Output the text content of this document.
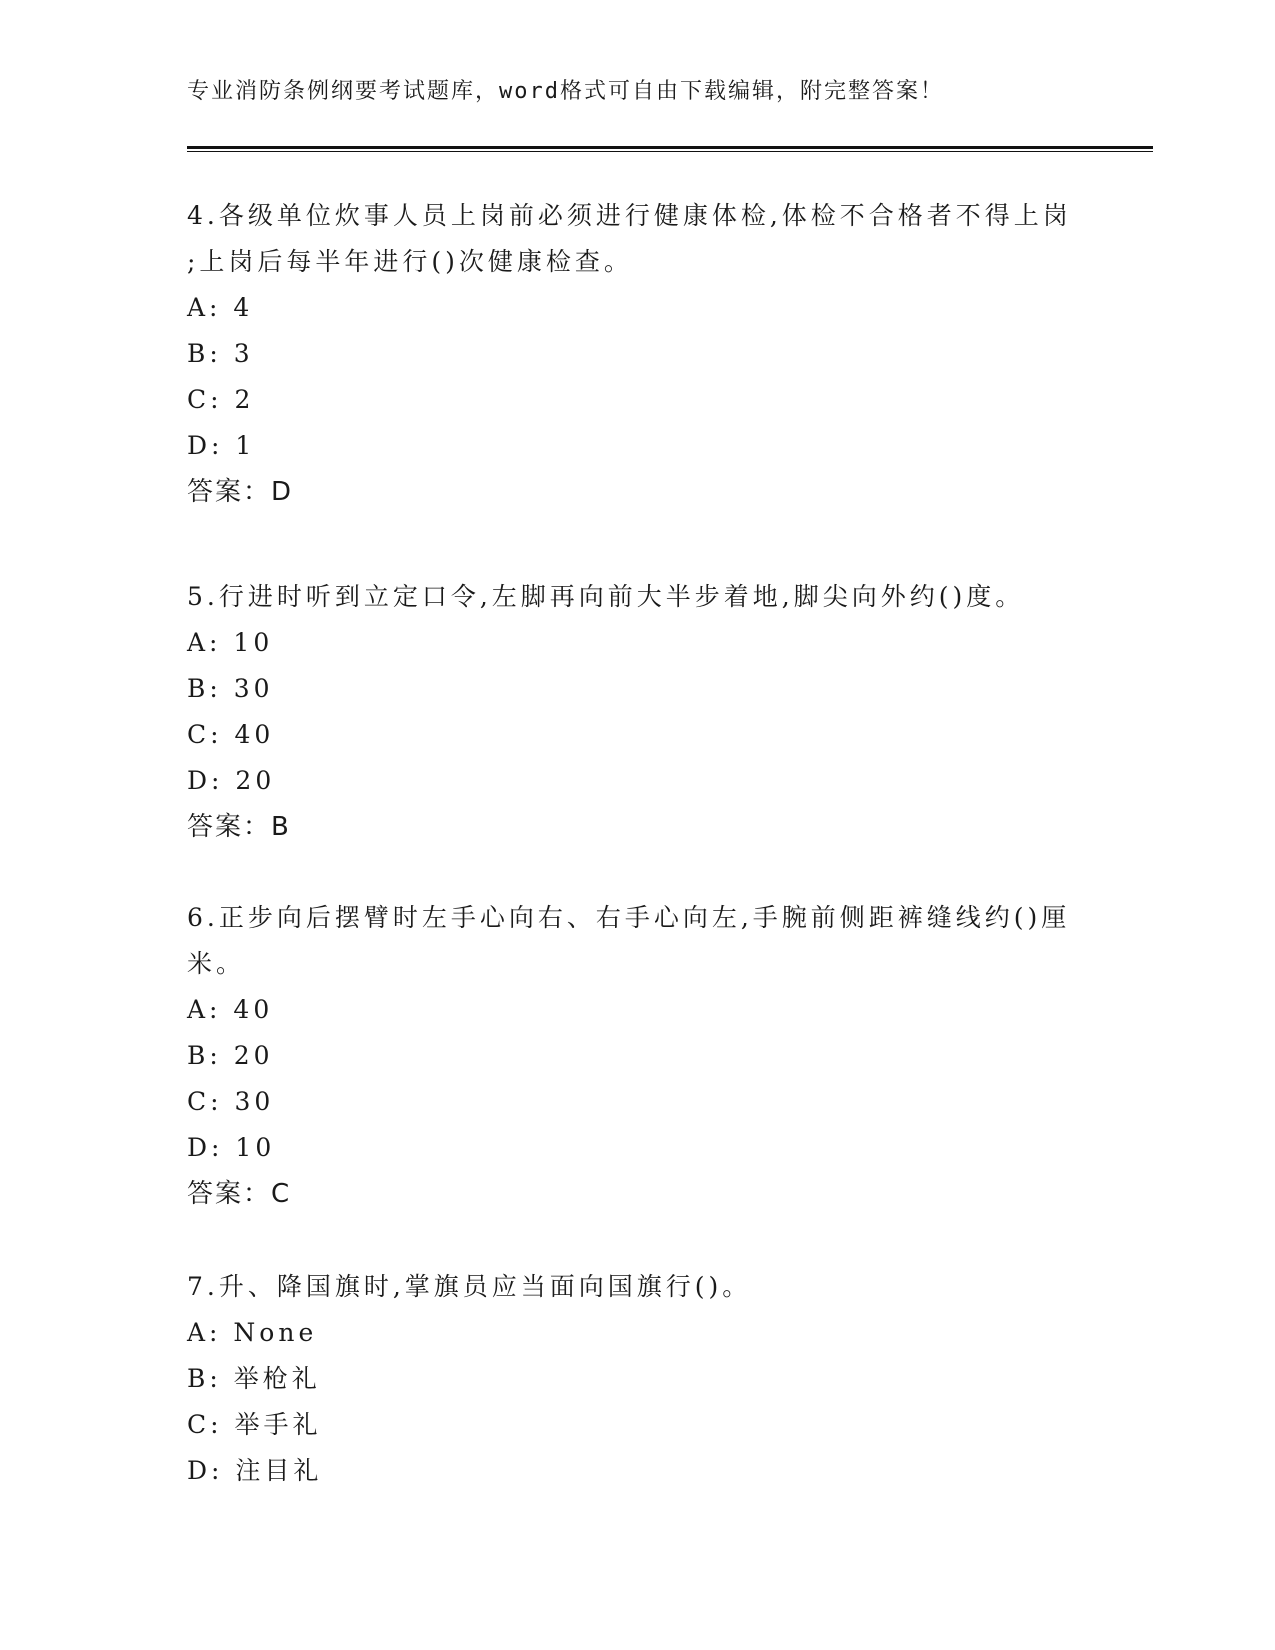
专业消防条例纲要考试题库，word格式可自由下载编辑，附完整答案！
4.各级单位炊事人员上岗前必须进行健康体检,体检不合格者不得上岗
;上岗后每半年进行()次健康检查。
A: 4
B: 3
C: 2
D: 1
答案：D
5.行进时听到立定口令,左脚再向前大半步着地,脚尖向外约()度。
A: 10
B: 30
C: 40
D: 20
答案：B
6.正步向后摆臂时左手心向右、右手心向左,手腕前侧距裤缝线约()厘
米。
A: 40
B: 20
C: 30
D: 10
答案：C
7.升、降国旗时,掌旗员应当面向国旗行()。
A: None
B: 举枪礼
C: 举手礼
D: 注目礼
